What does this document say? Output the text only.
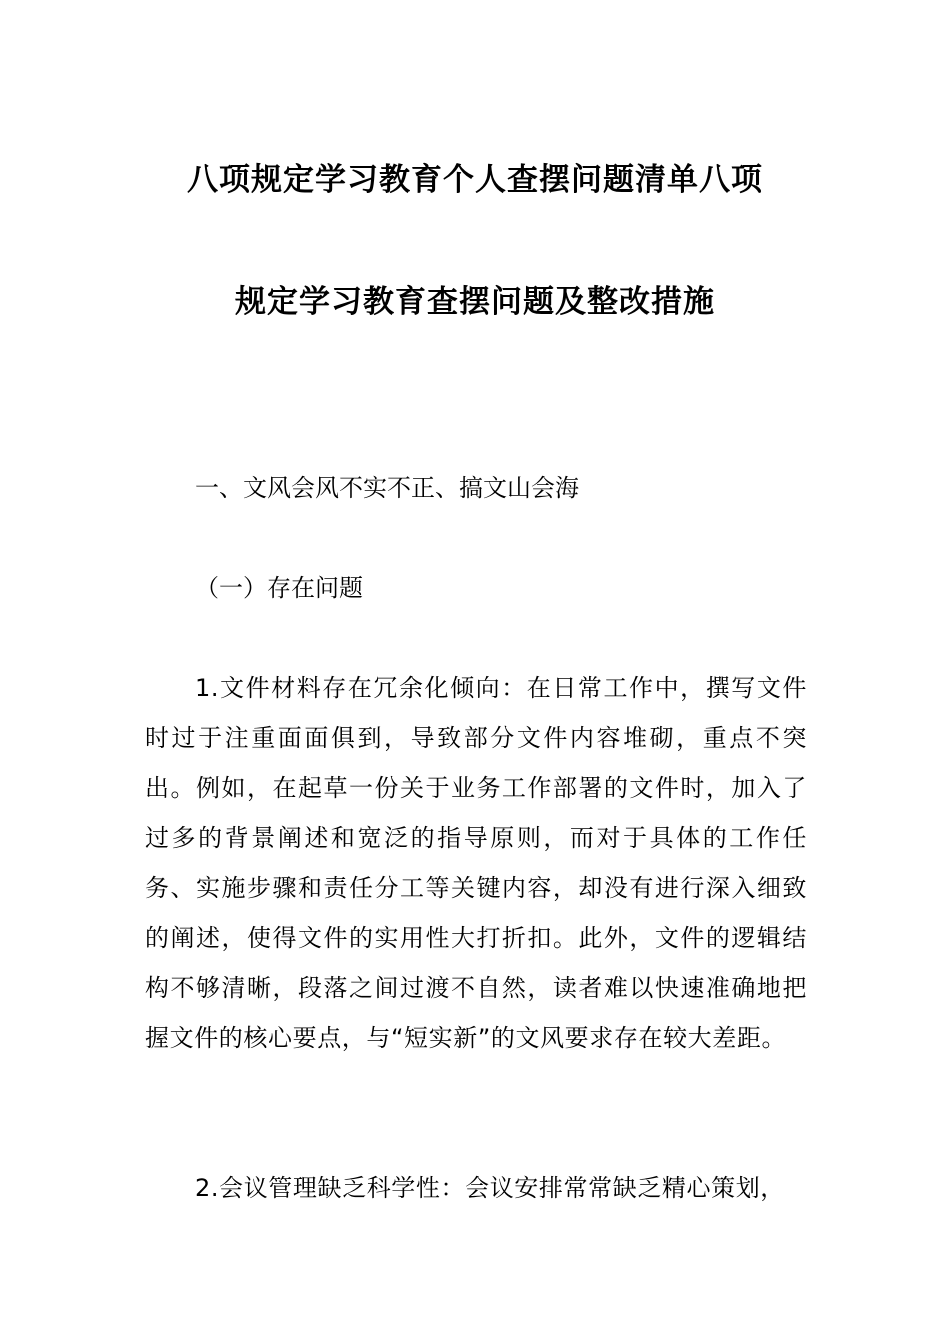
八项规定学习教育个人查摆问题清单八项
规定学习教育查摆问题及整改措施
一、文风会风不实不正、搞文山会海
（一）存在问题
1.文件材料存在冗余化倾向：在日常工作中，撰写文件时过于注重面面俱到，导致部分文件内容堆砌，重点不突出。例如，在起草一份关于业务工作部署的文件时，加入了过多的背景阐述和宽泛的指导原则，而对于具体的工作任务、实施步骤和责任分工等关键内容，却没有进行深入细致的阐述，使得文件的实用性大打折扣。此外，文件的逻辑结构不够清晰，段落之间过渡不自然，读者难以快速准确地把握文件的核心要点，与“短实新”的文风要求存在较大差距。
2.会议管理缺乏科学性：会议安排常常缺乏精心策划，
